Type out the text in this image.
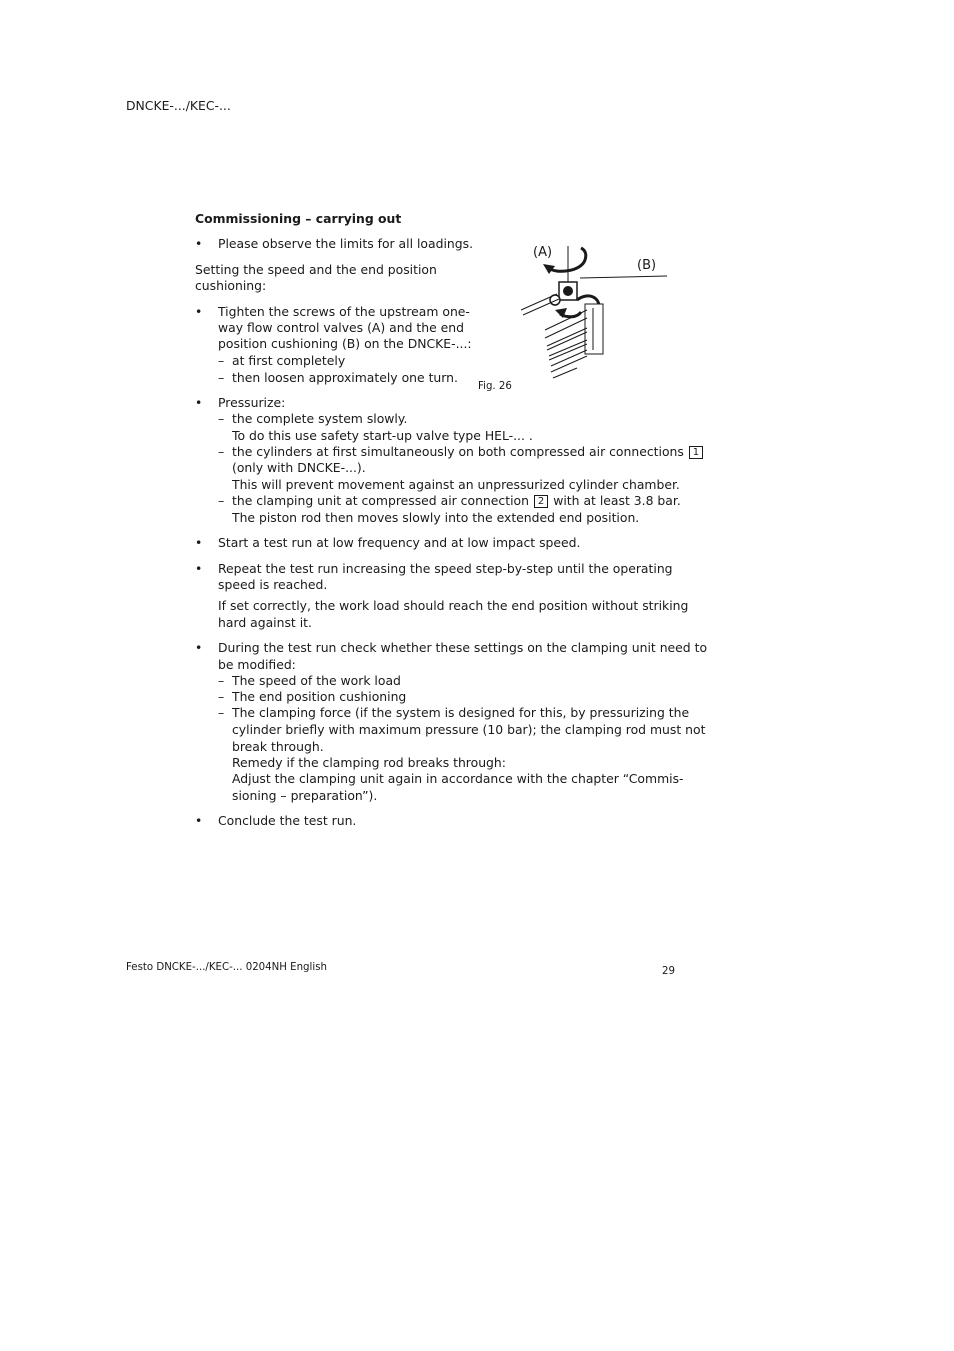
DNCKE-.../KEC-...

Commissioning – carrying out

• Please observe the limits for all loadings.

Setting the speed and the end position

cushioning:

• Tighten the screws of the upstream one-

way flow control valves (A) and the end

position cushioning (B) on the DNCKE-...:

– at first completely

– then loosen approximately one turn.

(A)
(B)

Fig. 26

• Pressurize:

– the complete system slowly.

To do this use safety start-up valve type HEL-... .

– the cylinders at first simultaneously on both compressed air connections 1

(only with DNCKE-...).

This will prevent movement against an unpressurized cylinder chamber.

– the clamping unit at compressed air connection 2 with at least 3.8 bar.

The piston rod then moves slowly into the extended end position.

• Start a test run at low frequency and at low impact speed.

• Repeat the test run increasing the speed step-by-step until the operating

speed is reached.

If set correctly, the work load should reach the end position without striking

hard against it.

• During the test run check whether these settings on the clamping unit need to

be modified:

– The speed of the work load

– The end position cushioning

– The clamping force (if the system is designed for this, by pressurizing the

cylinder briefly with maximum pressure (10 bar); the clamping rod must not

break through.

Remedy if the clamping rod breaks through:

Adjust the clamping unit again in accordance with the chapter “Commis-

sioning – preparation”).

• Conclude the test run.

Festo DNCKE-.../KEC-... 0204NH English	29
